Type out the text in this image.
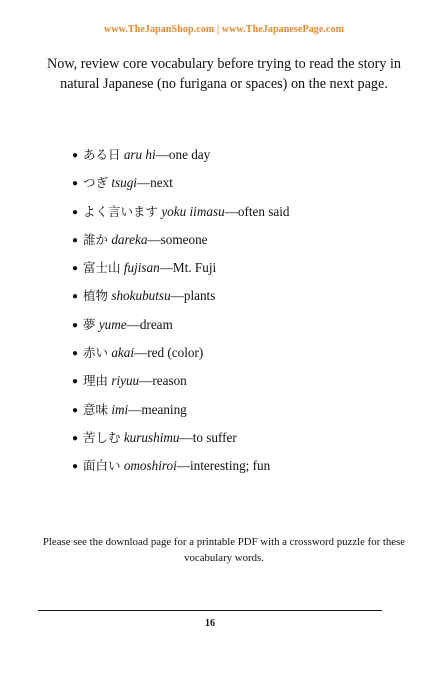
www.TheJapanShop.com | www.TheJapanesePage.com
Now, review core vocabulary before trying to read the story in natural Japanese (no furigana or spaces) on the next page.
● ある日 aru hi—one day
● つぎ tsugi—next
● よく言います yoku iimasu—often said
● 誰か dareka—someone
● 富士山 fujisan—Mt. Fuji
● 植物 shokubutsu—plants
● 夢 yume—dream
● 赤い akai—red (color)
● 理由 riyuu—reason
● 意味 imi—meaning
● 苦しむ kurushimu—to suffer
● 面白い omoshiroi—interesting; fun
Please see the download page for a printable PDF with a crossword puzzle for these vocabulary words.
16
